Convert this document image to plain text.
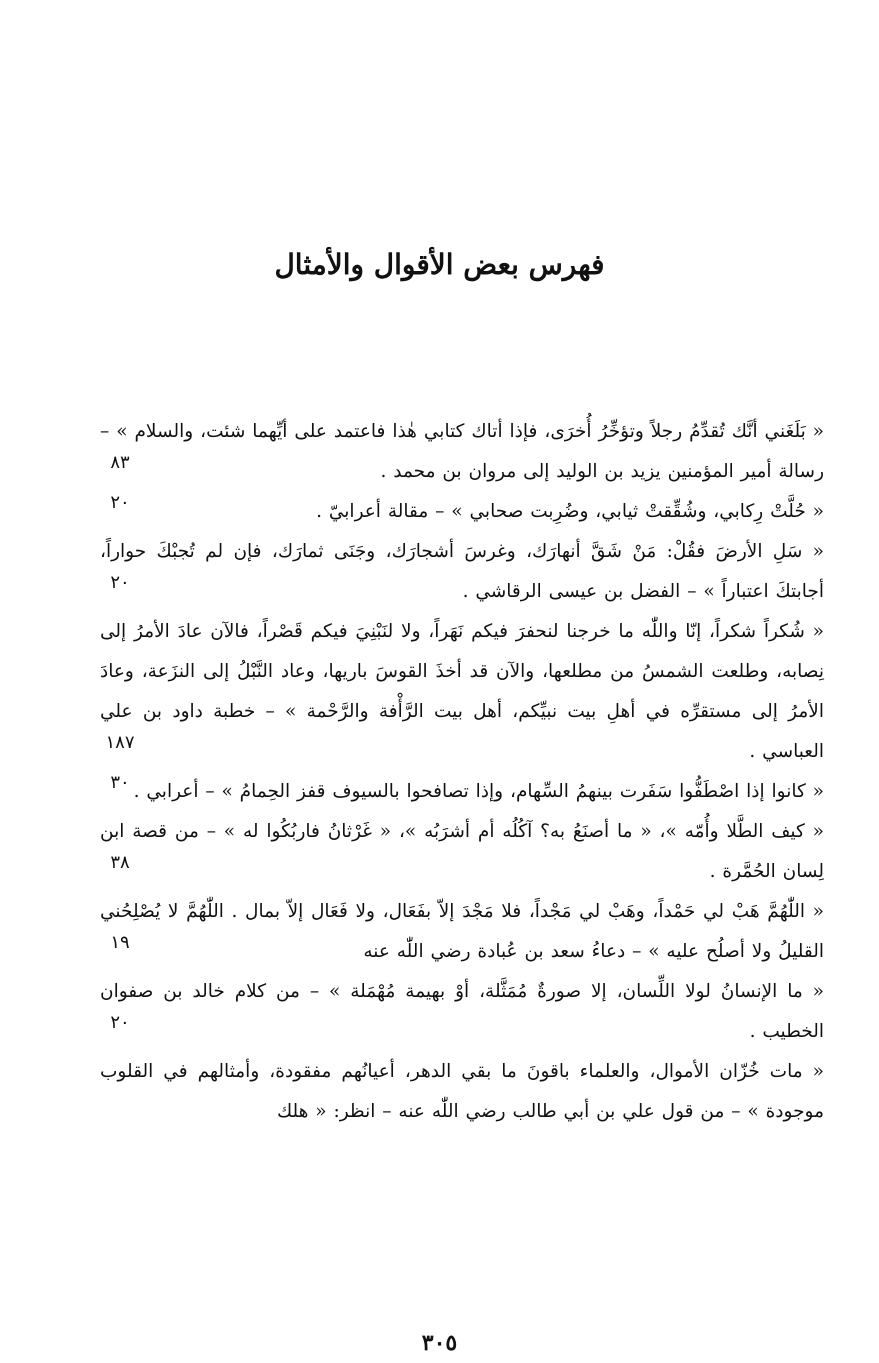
فهرس بعض الأقوال والأمثال
« بَلَغَني أنَّك تُقدِّمُ رجلاً وتؤخِّرُ أُخرَى، فإذا أتاك كتابي هٰذا فاعتمد على أيِّهما شئت، والسلام » – رسالة أمير المؤمنين يزيد بن الوليد إلى مروان بن محمد .
٨٣
« حُلَّتْ رِكابي، وشُقِّقتْ ثيابي، وضُرِبت صحابي » – مقالة أعرابيّ .
٢٠
« سَلِ الأرضَ فقُلْ: مَنْ شَقَّ أنهارَك، وغرسَ أشجارَك، وجَنَى ثمارَك، فإن لم تُجبْكَ حواراً، أجابتكَ اعتباراً » – الفضل بن عيسى الرقاشي .
٢٠
« شُكراً شكراً، إنّا واللّٰه ما خرجنا لنحفرَ فيكم نَهَراً، ولا لنَبْنِيَ فيكم قَصْراً، فالآن عادَ الأمرُ إلى نِصابه، وطلعت الشمسُ من مطلعها، والآن قد أخذَ القوسَ باريها، وعاد النَّبْلُ إلى النزَعة، وعادَ الأمرُ إلى مستقرِّه في أهلِ بيت نبيِّكم، أهل بيت الرَّأْفة والرَّحْمة » – خطبة داود بن علي العباسي .
١٨٧
« كانوا إذا اصْطَفُّوا سَفَرت بينهمُ السِّهام، وإذا تصافحوا بالسيوف قفز الحِمامُ » – أعرابي .
٣٠
« كيف الطَّلا وأُمّه »، « ما أصنَعُ به؟ آكُلُه أم أشرَبُه »، « غَرْثانُ فاربُكُوا له » – من قصة ابن لِسان الحُمَّرة .
٣٨
« اللّٰهُمَّ هَبْ لي حَمْداً، وهَبْ لي مَجْداً، فلا مَجْدَ إلاّ بفَعَال، ولا فَعَال إلاّ بمال . اللّٰهُمَّ لا يُصْلِحُني القليلُ ولا أصلُح عليه » – دعاءُ سعد بن عُبادة رضي اللّٰه عنه
١٩
« ما الإنسانُ لولا اللِّسان، إلا صورةٌ مُمَثَّلة، أوْ بهيمة مُهْمَلة » – من كلام خالد بن صفوان الخطيب .
٢٠
« مات خُزّان الأموال، والعلماء باقونَ ما بقي الدهر، أعيانُهم مفقودة، وأمثالهم في القلوب موجودة » – من قول علي بن أبي طالب رضي اللّٰه عنه – انظر: « هلك
٣٠٥
